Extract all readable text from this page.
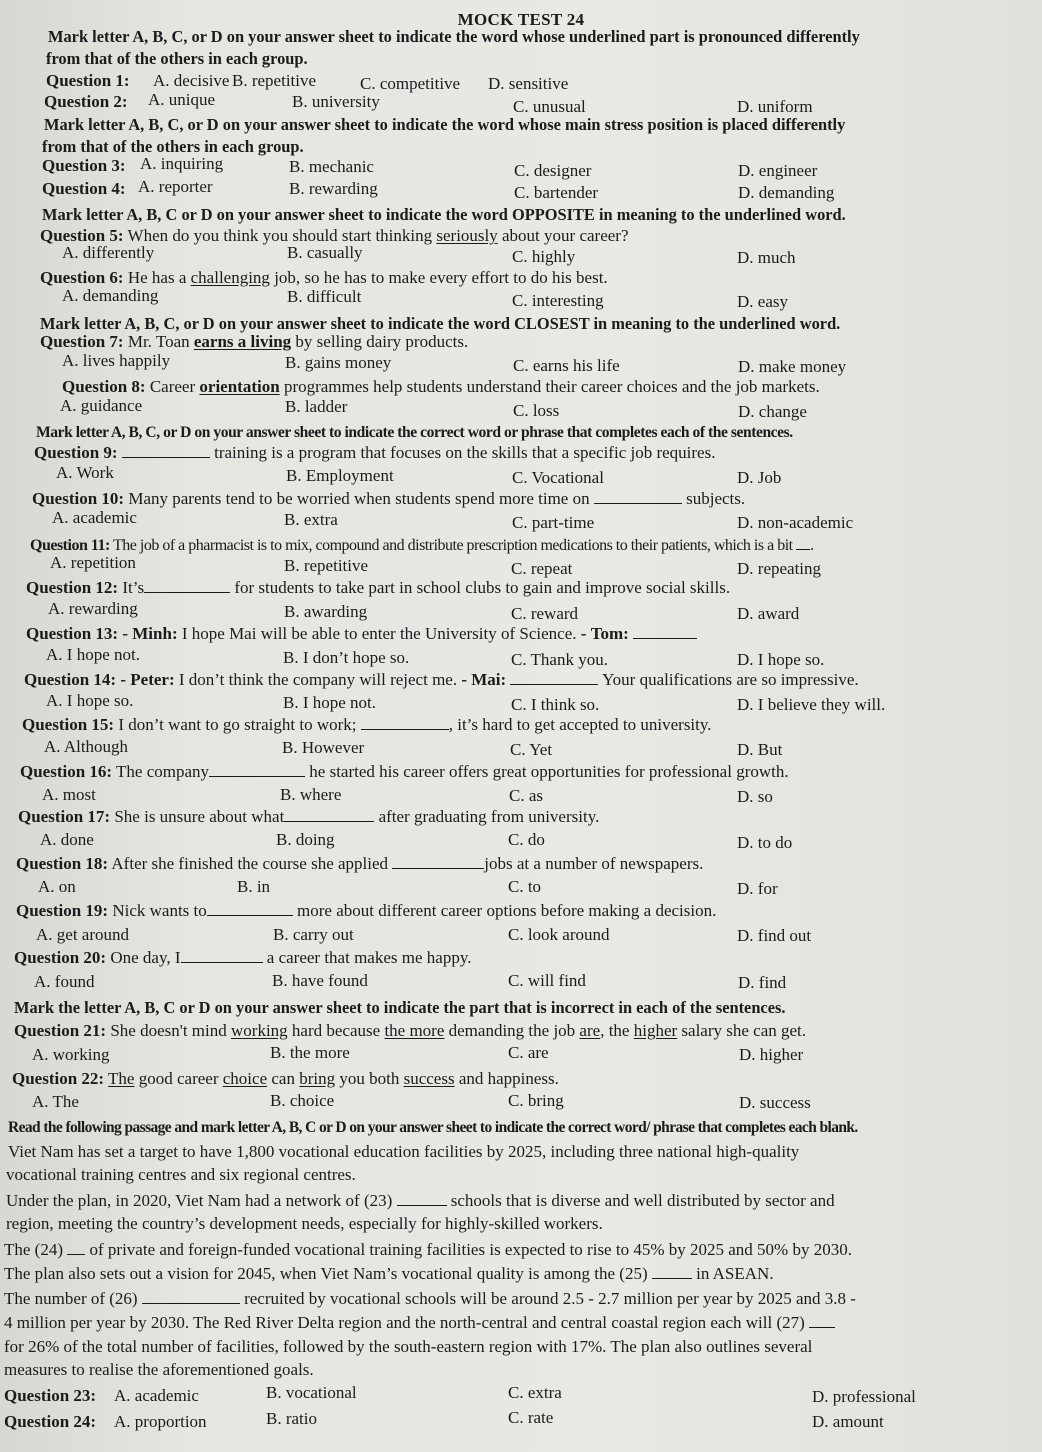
MOCK TEST 24
Mark letter A, B, C, or D on your answer sheet to indicate the word whose underlined part is pronounced differently
from that of the others in each group.
Question 1: A. decisive B. repetitive	C. competitive D. sensitive
Question 2: A. unique	B. university	C. unusual	D. uniform
Mark letter A, B, C, or D on your answer sheet to indicate the word whose main stress position is placed differently
from that of the others in each group.
Question 3: A. inquiring	B. mechanic	C. designer	D. engineer
Question 4: A. reporter	B. rewarding	C. bartender	D. demanding
Mark letter A, B, C or D on your answer sheet to indicate the word OPPOSITE in meaning to the underlined word.
Question 5: When do you think you should start thinking seriously about your career?
A. differently	B. casually	C. highly	D. much
Question 6: He has a challenging job, so he has to make every effort to do his best.
A. demanding	B. difficult	C. interesting	D. easy
Mark letter A, B, C, or D on your answer sheet to indicate the word CLOSEST in meaning to the underlined word.
Question 7: Mr. Toan earns a living by selling dairy products.
A. lives happily	B. gains money	C. earns his life	D. make money
Question 8: Career orientation programmes help students understand their career choices and the job markets.
A. guidance	B. ladder	C. loss	D. change
Mark letter A, B, C, or D on your answer sheet to indicate the correct word or phrase that completes each of the sentences.
Question 9:	training is a program that focuses on the skills that a specific job requires.
A. Work	B. Employment	C. Vocational	D. Job
Question 10: Many parents tend to be worried when students spend more time on	subjects.
A. academic	B. extra	C. part-time	D. non-academic
Question 11: The job of a pharmacist is to mix, compound and distribute prescription medications to their patients, which is a bit .
A. repetition	B. repetitive	C. repeat	D. repeating
Question 12: It’s	for students to take part in school clubs to gain and improve social skills.
A. rewarding	B. awarding	C. reward	D. award
Question 13: - Minh: I hope Mai will be able to enter the University of Science. - Tom:
A. I hope not.	B. I don’t hope so.	C. Thank you.	D. I hope so.
Question 14: - Peter: I don’t think the company will reject me. - Mai:	Your qualifications are so impressive.
A. I hope so.	B. I hope not.	C. I think so.	D. I believe they will.
Question 15: I don’t want to go straight to work;	, it’s hard to get accepted to university.
A. Although	B. However	C. Yet	D. But
Question 16: The company	he started his career offers great opportunities for professional growth.
A. most	B. where	C. as	D. so
Question 17: She is unsure about what	after graduating from university.
A. done	B. doing	C. do	D. to do
Question 18: After she finished the course she applied	jobs at a number of newspapers.
A. on	B. in	C. to	D. for
Question 19: Nick wants to	more about different career options before making a decision.
A. get around	B. carry out	C. look around	D. find out
Question 20: One day, I	a career that makes me happy.
A. found	B. have found	C. will find	D. find
Mark the letter A, B, C or D on your answer sheet to indicate the part that is incorrect in each of the sentences.
Question 21: She doesn't mind working hard because the more demanding the job are, the higher salary she can get.
A. working	B. the more	C. are	D. higher
Question 22: The good career choice can bring you both success and happiness.
A. The	B. choice	C. bring	D. success
Read the following passage and mark letter A, B, C or D on your answer sheet to indicate the correct word/ phrase that completes each blank.
Viet Nam has set a target to have 1,800 vocational education facilities by 2025, including three national high-quality
vocational training centres and six regional centres.
Under the plan, in 2020, Viet Nam had a network of (23)	schools that is diverse and well distributed by sector and
region, meeting the country’s development needs, especially for highly-skilled workers.
The (24) of private and foreign-funded vocational training facilities is expected to rise to 45% by 2025 and 50% by 2030.
The plan also sets out a vision for 2045, when Viet Nam’s vocational quality is among the (25)	in ASEAN.
The number of (26)	recruited by vocational schools will be around 2.5 - 2.7 million per year by 2025 and 3.8 -
4 million per year by 2030. The Red River Delta region and the north-central and central coastal region each will (27)
for 26% of the total number of facilities, followed by the south-eastern region with 17%. The plan also outlines several
measures to realise the aforementioned goals.
Question 23: A. academic	B. vocational	C. extra	D. professional
Question 24: A. proportion	B. ratio	C. rate	D. amount
